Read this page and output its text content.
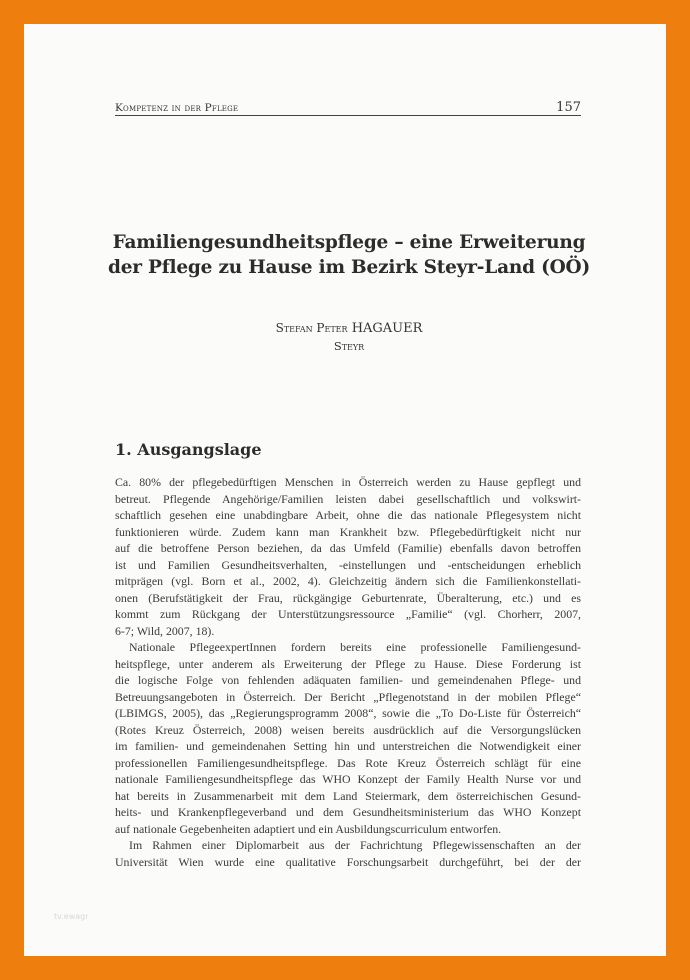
Kompetenz in der Pflege	157
Familiengesundheitspflege – eine Erweiterung
der Pflege zu Hause im Bezirk Steyr-Land (OÖ)
Stefan Peter HAGAUER
Steyr
1. Ausgangslage

Ca. 80% der pflegebedürftigen Menschen in Österreich werden zu Hause gepflegt und

betreut. Pflegende Angehörige/Familien leisten dabei gesellschaftlich und volkswirt-

schaftlich gesehen eine unabdingbare Arbeit, ohne die das nationale Pflegesystem nicht

funktionieren würde. Zudem kann man Krankheit bzw. Pflegebedürftigkeit nicht nur

auf die betroffene Person beziehen, da das Umfeld (Familie) ebenfalls davon betroffen

ist und Familien Gesundheitsverhalten, -einstellungen und -entscheidungen erheblich

mitprägen (vgl. Born et al., 2002, 4). Gleichzeitig ändern sich die Familienkonstellati-

onen (Berufstätigkeit der Frau, rückgängige Geburtenrate, Überalterung, etc.) und es

kommt zum Rückgang der Unterstützungsressource „Familie“ (vgl. Chorherr, 2007,

6-7; Wild, 2007, 18).

Nationale PflegeexpertInnen fordern bereits eine professionelle Familiengesund-

heitspflege, unter anderem als Erweiterung der Pflege zu Hause. Diese Forderung ist

die logische Folge von fehlenden adäquaten familien- und gemeindenahen Pflege- und

Betreuungsangeboten in Österreich. Der Bericht „Pflegenotstand in der mobilen Pflege“

(LBIMGS, 2005), das „Regierungsprogramm 2008“, sowie die „To Do-Liste für Österreich“

(Rotes Kreuz Österreich, 2008) weisen bereits ausdrücklich auf die Versorgungslücken

im familien- und gemeindenahen Setting hin und unterstreichen die Notwendigkeit einer

professionellen Familiengesundheitspflege. Das Rote Kreuz Österreich schlägt für eine

nationale Familiengesundheitspflege das WHO Konzept der Family Health Nurse vor und

hat bereits in Zusammenarbeit mit dem Land Steiermark, dem österreichischen Gesund-

heits- und Krankenpflegeverband und dem Gesundheitsministerium das WHO Konzept

auf nationale Gegebenheiten adaptiert und ein Ausbildungscurriculum entworfen.

Im Rahmen einer Diplomarbeit aus der Fachrichtung Pflegewissenschaften an der

Universität Wien wurde eine qualitative Forschungsarbeit durchgeführt, bei der der

tv.ewagr
